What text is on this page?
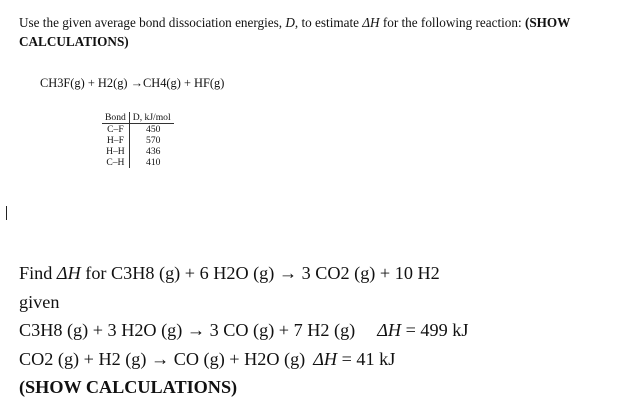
Use the given average bond dissociation energies, D, to estimate ΔH for the following reaction: (SHOW
CALCULATIONS)
CH3F(g) + H2(g) →CH4(g) + HF(g)
Bond	D, kJ/mol
C–F	450
H–F	570
H–H	436
C–H	410
Find ΔH for C3H8 (g) + 6 H2O (g) → 3 CO2 (g) + 10 H2
given
C3H8 (g) + 3 H2O (g) → 3 CO (g) + 7 H2 (g) ΔH = 499 kJ
CO2 (g) + H2 (g) → CO (g) + H2O (g) ΔH = 41 kJ
(SHOW CALCULATIONS)
